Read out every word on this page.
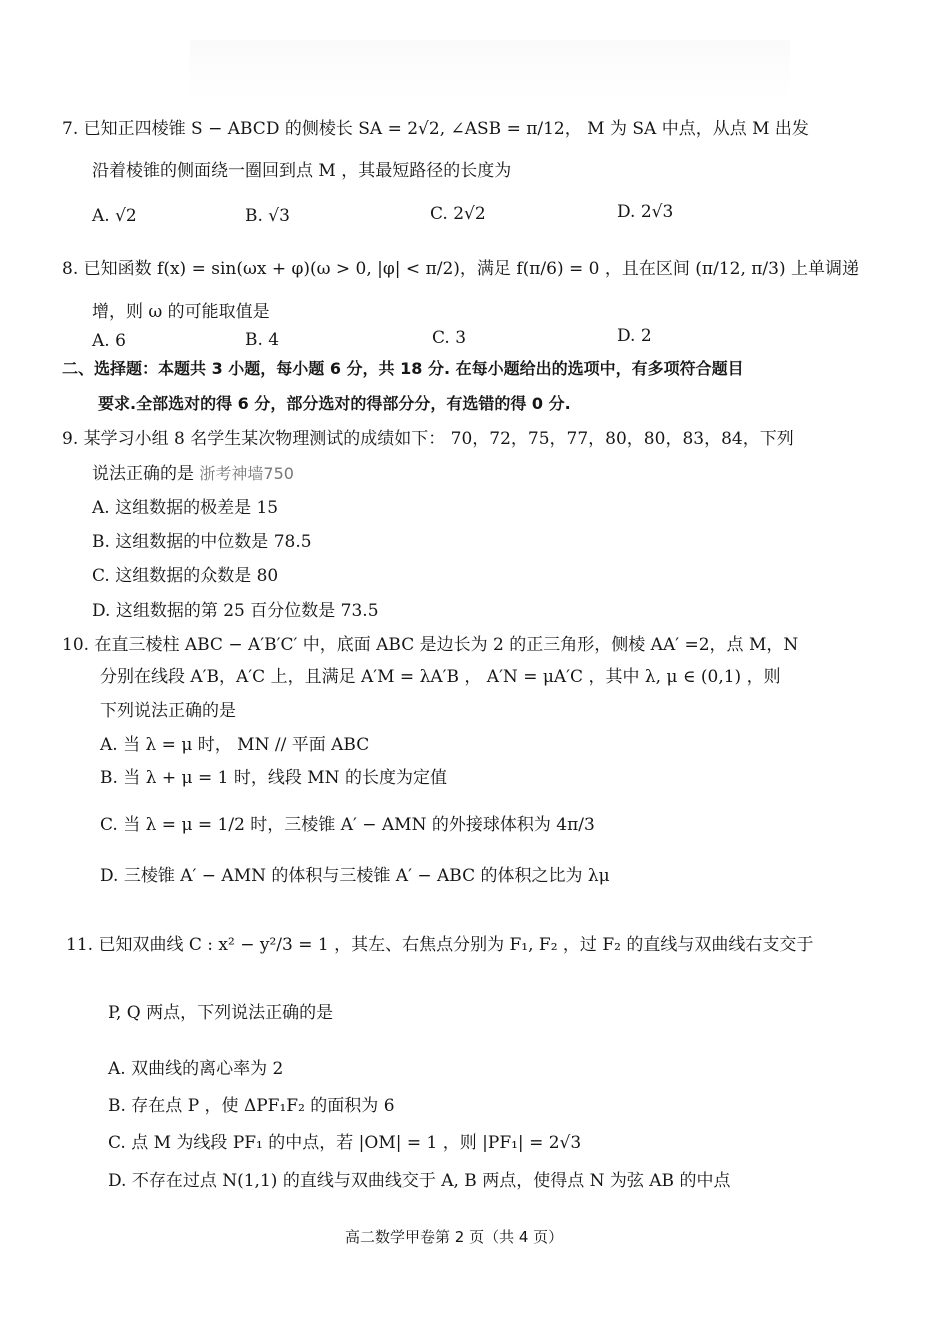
7. 已知正四棱锥 S − ABCD 的侧棱长 SA = 2√2, ∠ASB = π/12， M 为 SA 中点，从点 M 出发
沿着棱锥的侧面绕一圈回到点 M ，其最短路径的长度为
A. √2	B. √3	C. 2√2	D. 2√3
8. 已知函数 f(x) = sin(ωx + φ)(ω > 0, |φ| < π/2)，满足 f(π/6) = 0 ，且在区间 (π/12, π/3) 上单调递
增，则 ω 的可能取值是
A. 6	B. 4	C. 3	D. 2
二、选择题：本题共 3 小题，每小题 6 分，共 18 分. 在每小题给出的选项中，有多项符合题目
要求.全部选对的得 6 分，部分选对的得部分分，有选错的得 0 分.
9. 某学习小组 8 名学生某次物理测试的成绩如下： 70，72，75，77，80，80，83，84，下列
说法正确的是 浙考神墙750
A. 这组数据的极差是 15
B. 这组数据的中位数是 78.5
C. 这组数据的众数是 80
D. 这组数据的第 25 百分位数是 73.5
10. 在直三棱柱 ABC − A′B′C′ 中，底面 ABC 是边长为 2 的正三角形，侧棱 AA′ =2，点 M，N
分别在线段 A′B，A′C 上，且满足 A′M = λA′B ， A′N = μA′C ，其中 λ, μ ∈ (0,1) ，则
下列说法正确的是
A. 当 λ = μ 时， MN // 平面 ABC
B. 当 λ + μ = 1 时，线段 MN 的长度为定值
C. 当 λ = μ = 1/2 时，三棱锥 A′ − AMN 的外接球体积为 4π/3
D. 三棱锥 A′ − AMN 的体积与三棱锥 A′ − ABC 的体积之比为 λμ
11. 已知双曲线 C : x² − y²/3 = 1 ，其左、右焦点分别为 F₁, F₂ ，过 F₂ 的直线与双曲线右支交于
P, Q 两点，下列说法正确的是
A. 双曲线的离心率为 2
B. 存在点 P ，使 ΔPF₁F₂ 的面积为 6
C. 点 M 为线段 PF₁ 的中点，若 |OM| = 1 ，则 |PF₁| = 2√3
D. 不存在过点 N(1,1) 的直线与双曲线交于 A, B 两点，使得点 N 为弦 AB 的中点
高二数学甲卷第 2 页（共 4 页）
